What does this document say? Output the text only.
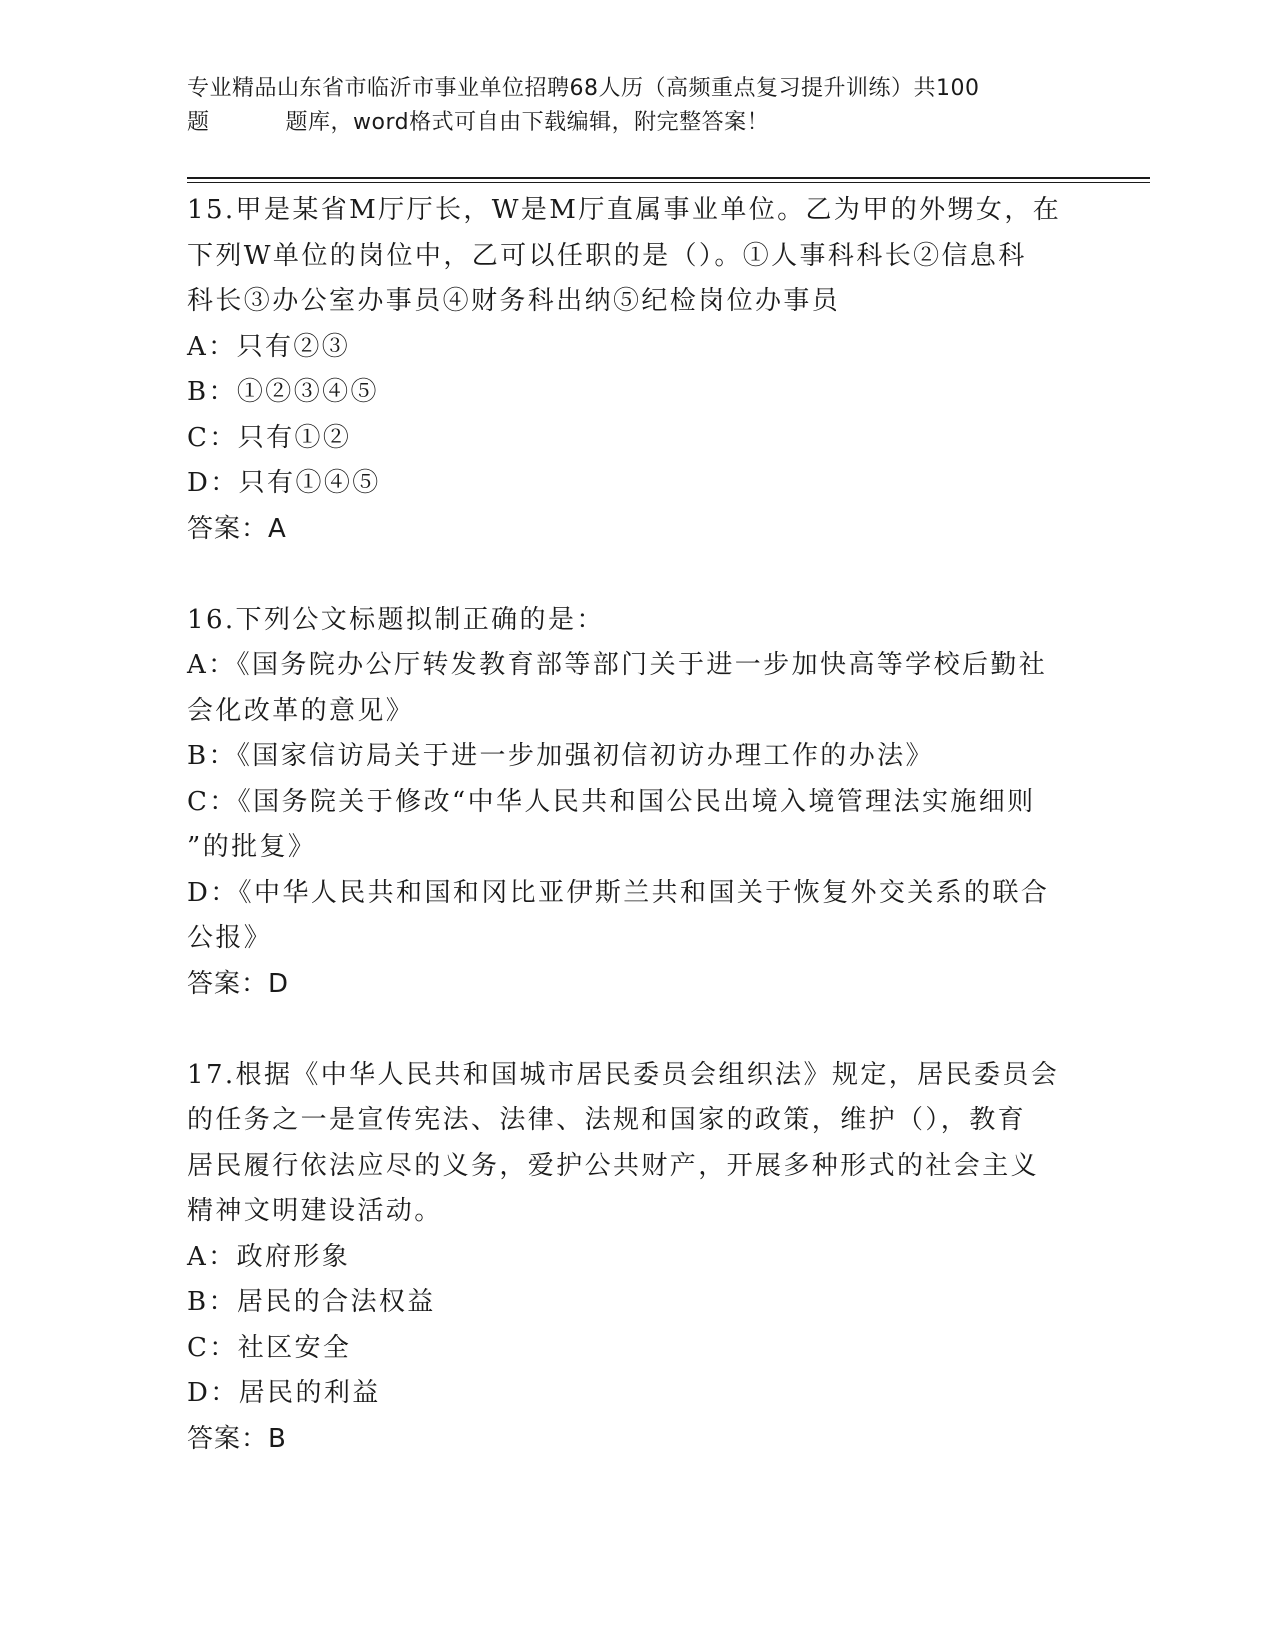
专业精品山东省市临沂市事业单位招聘68人历（高频重点复习提升训练）共100
题	题库，word格式可自由下载编辑，附完整答案！

15.甲是某省M厅厅长，W是M厅直属事业单位。乙为甲的外甥女，在

下列W单位的岗位中，乙可以任职的是（）。①人事科科长②信息科

科长③办公室办事员④财务科出纳⑤纪检岗位办事员

A：只有②③

B：①②③④⑤

C：只有①②

D：只有①④⑤

答案：A

16.下列公文标题拟制正确的是：

A：《国务院办公厅转发教育部等部门关于进一步加快高等学校后勤社

会化改革的意见》

B：《国家信访局关于进一步加强初信初访办理工作的办法》

C：《国务院关于修改“中华人民共和国公民出境入境管理法实施细则

”的批复》

D：《中华人民共和国和冈比亚伊斯兰共和国关于恢复外交关系的联合

公报》

答案：D

17.根据《中华人民共和国城市居民委员会组织法》规定，居民委员会

的任务之一是宣传宪法、法律、法规和国家的政策，维护（），教育

居民履行依法应尽的义务，爱护公共财产，开展多种形式的社会主义

精神文明建设活动。

A：政府形象

B：居民的合法权益

C：社区安全

D：居民的利益

答案：B
